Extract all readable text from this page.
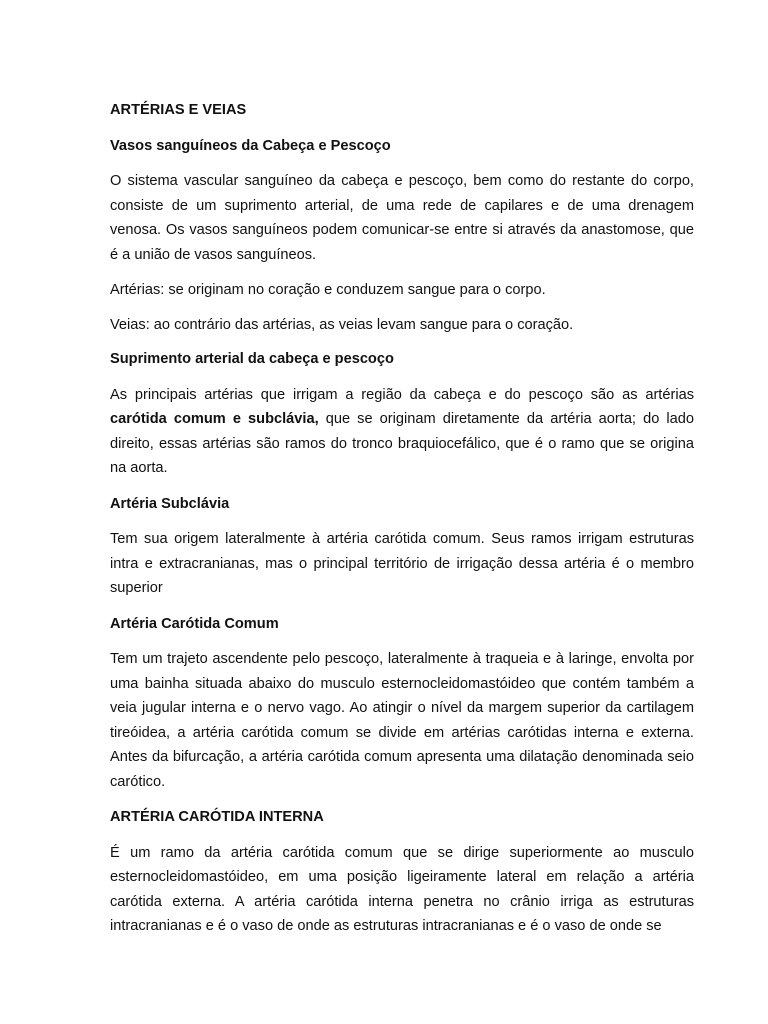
ARTÉRIAS E VEIAS

Vasos sanguíneos da Cabeça e Pescoço

O sistema vascular sanguíneo da cabeça e pescoço, bem como do restante do corpo, consiste de um suprimento arterial, de uma rede de capilares e de uma drenagem venosa. Os vasos sanguíneos podem comunicar-se entre si através da anastomose, que é a união de vasos sanguíneos.

Artérias: se originam no coração e conduzem sangue para o corpo.

Veias: ao contrário das artérias, as veias levam sangue para o coração.

Suprimento arterial da cabeça e pescoço

As principais artérias que irrigam a região da cabeça e do pescoço são as artérias carótida comum e subclávia, que se originam diretamente da artéria aorta; do lado direito, essas artérias são ramos do tronco braquiocefálico, que é o ramo que se origina na aorta.

Artéria Subclávia

Tem sua origem lateralmente à artéria carótida comum. Seus ramos irrigam estruturas intra e extracranianas, mas o principal território de irrigação dessa artéria é o membro superior

Artéria Carótida Comum

Tem um trajeto ascendente pelo pescoço, lateralmente à traqueia e à laringe, envolta por uma bainha situada abaixo do musculo esternocleidomastóideo que contém também a veia jugular interna e o nervo vago. Ao atingir o nível da margem superior da cartilagem tireóidea, a artéria carótida comum se divide em artérias carótidas interna e externa. Antes da bifurcação, a artéria carótida comum apresenta uma dilatação denominada seio carótico.

ARTÉRIA CARÓTIDA INTERNA

É um ramo da artéria carótida comum que se dirige superiormente ao musculo esternocleidomastóideo, em uma posição ligeiramente lateral em relação a artéria carótida externa. A artéria carótida interna penetra no crânio irriga as estruturas intracranianas e é o vaso de onde as estruturas intracranianas e é o vaso de onde se
